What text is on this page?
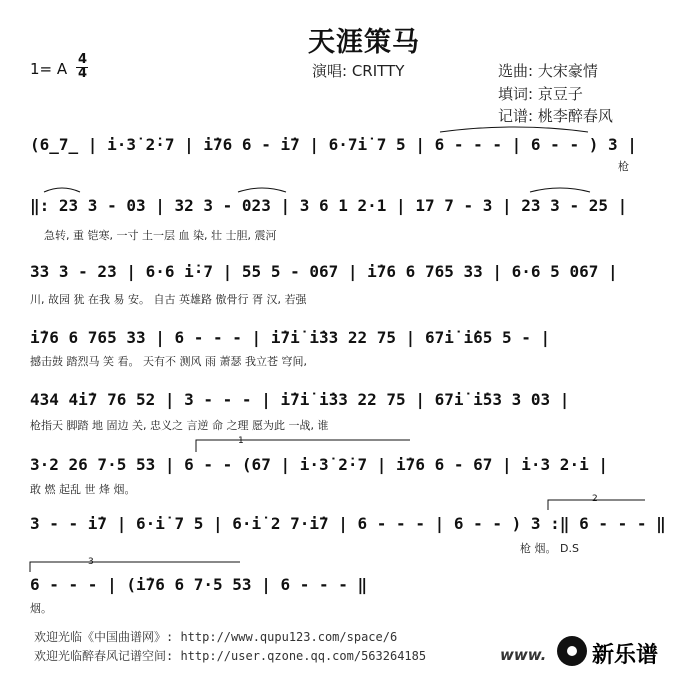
天涯策马
1= A
4
4	演唱: CRITTY	选曲: 大宋豪情
填词: 京豆子
记谱: 桃李醉春风
(6̲7̲ | i·3̇ 2̇·7 | i̇76 6 - i̇7 | 6·7i̇ 7 5 | 6 - - - | 6 - - ) 3 |
枪
‖: 23 3 - 03 | 32 3 - 023 | 3 6 1 2·1 | 17 7 - 3 | 23 3 - 25 |
急转, 重 铠寒, 一寸 土一层 血 染, 壮 士胆, 震河
33 3 - 23 | 6·6 i̇·7 | 55 5 - 067 | i̇76 6 765 33 | 6·6 5 067 |
川, 故园 犹 在我 易 安。 自古 英雄路 傲骨行 胥 汉, 若强
i̇76 6 765 33 | 6 - - - | i̇7i̇ i̇33 22 75 | 67i̇ i̇65 5 - |
撼击鼓 踏烈马 笑 看。 天有不 测风 雨 萧瑟 我立苍 穹间,
434 4i̇7 76 52 | 3 - - - | i̇7i̇ i̇33 22 75 | 67i̇ i̇53 3 03 |
枪指天 脚踏 地 固边 关, 忠义之 言逆 命 之理 愿为此 一战, 谁
1
3·2 26 7·5 53 | 6 - - (67 | i·3̇ 2̇·7 | i̇76 6 - 67 | i·3 2·i |
敢 燃 起乱 世 烽 烟。
2
3 - - i̇7 | 6·i̇ 7 5 | 6·i̇ 2 7·i̇7 | 6 - - - | 6 - - ) 3 :‖ 6 - - - ‖
枪 烟。 D.S
3
6 - - - | (i̇76 6 7·5 53 | 6 - - - ‖
烟。
欢迎光临《中国曲谱网》: http://www.qupu123.com/space/6
欢迎光临醉春风记谱空间: http://user.qzone.qq.com/563264185	www. 新乐谱
